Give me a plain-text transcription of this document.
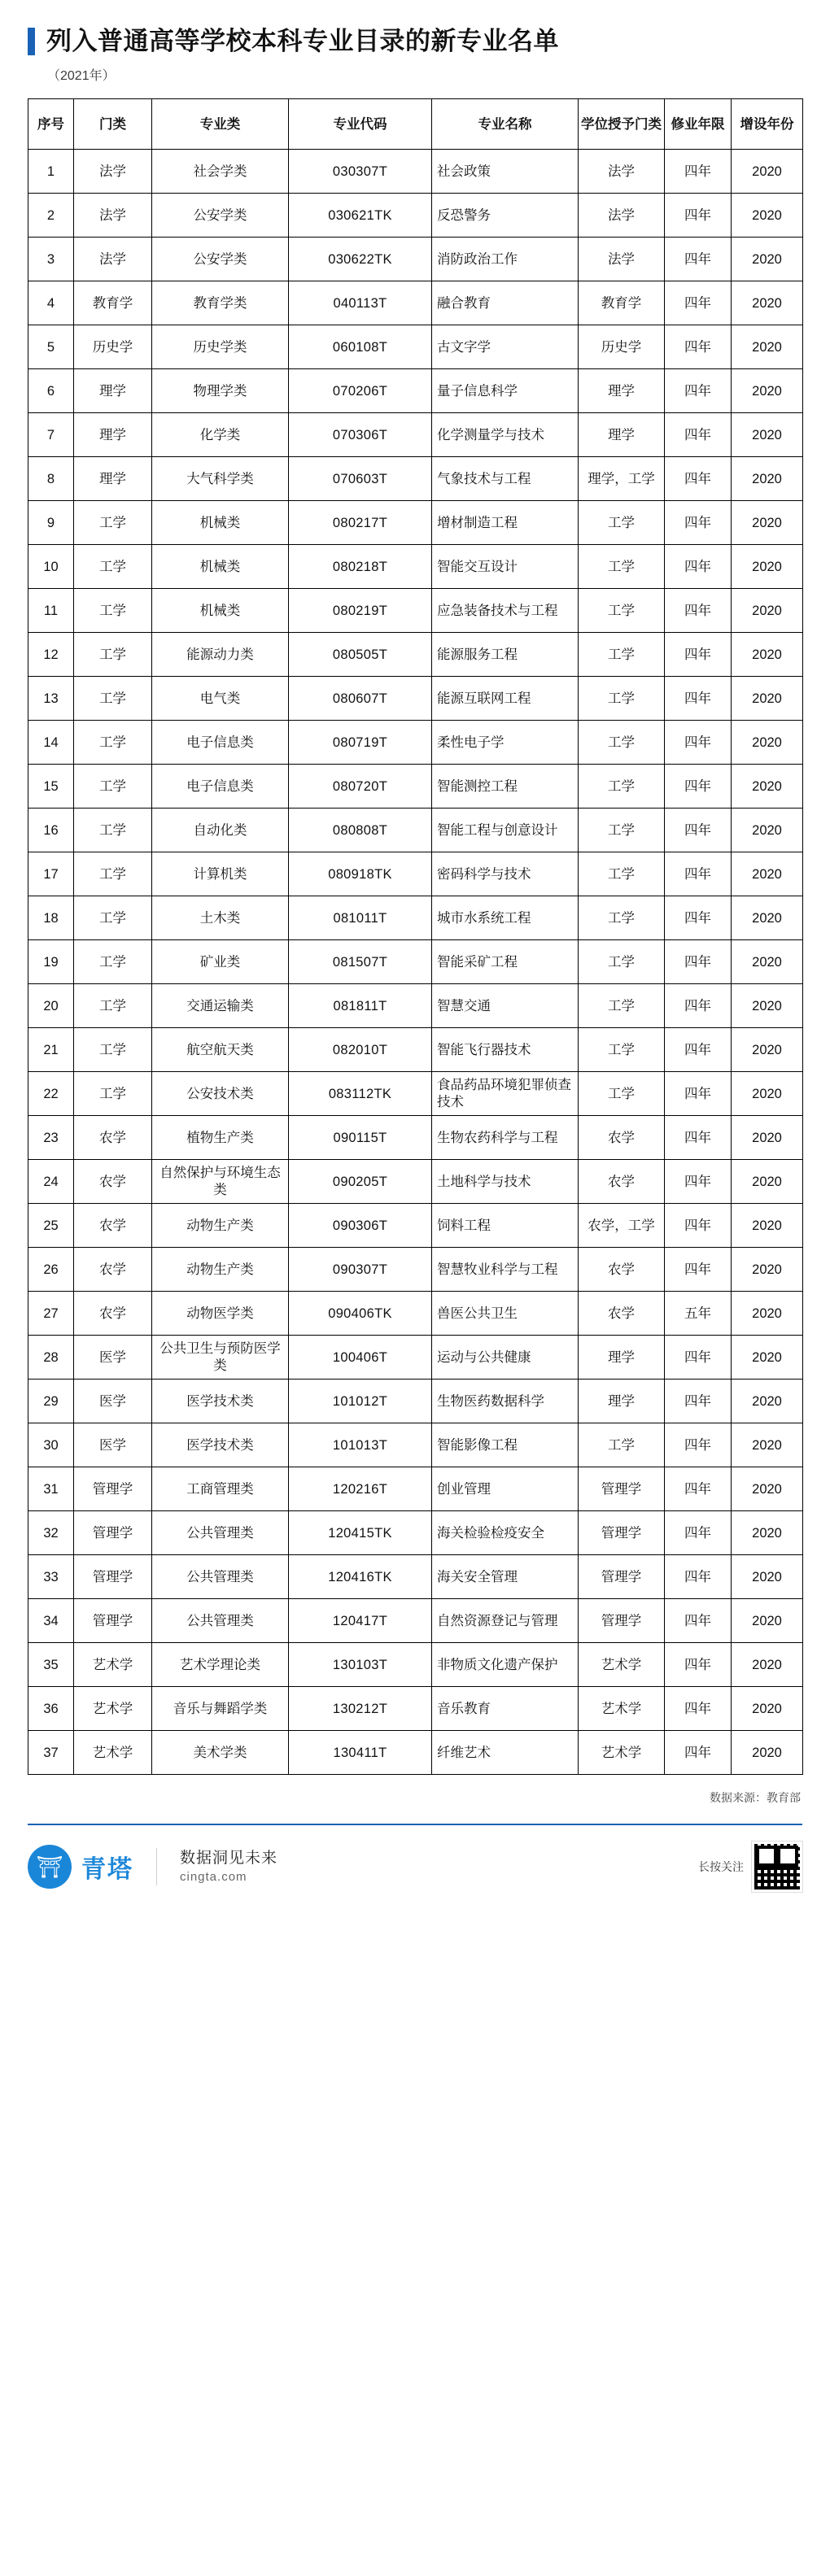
列入普通高等学校本科专业目录的新专业名单
（2021年）
序号	门类	专业类	专业代码	专业名称	学位授予门类	修业年限	增设年份
1	法学	社会学类	030307T	社会政策	法学	四年	2020
2	法学	公安学类	030621TK	反恐警务	法学	四年	2020
3	法学	公安学类	030622TK	消防政治工作	法学	四年	2020
4	教育学	教育学类	040113T	融合教育	教育学	四年	2020
5	历史学	历史学类	060108T	古文字学	历史学	四年	2020
6	理学	物理学类	070206T	量子信息科学	理学	四年	2020
7	理学	化学类	070306T	化学测量学与技术	理学	四年	2020
8	理学	大气科学类	070603T	气象技术与工程	理学，工学	四年	2020
9	工学	机械类	080217T	增材制造工程	工学	四年	2020
10	工学	机械类	080218T	智能交互设计	工学	四年	2020
11	工学	机械类	080219T	应急装备技术与工程	工学	四年	2020
12	工学	能源动力类	080505T	能源服务工程	工学	四年	2020
13	工学	电气类	080607T	能源互联网工程	工学	四年	2020
14	工学	电子信息类	080719T	柔性电子学	工学	四年	2020
15	工学	电子信息类	080720T	智能测控工程	工学	四年	2020
16	工学	自动化类	080808T	智能工程与创意设计	工学	四年	2020
17	工学	计算机类	080918TK	密码科学与技术	工学	四年	2020
18	工学	土木类	081011T	城市水系统工程	工学	四年	2020
19	工学	矿业类	081507T	智能采矿工程	工学	四年	2020
20	工学	交通运输类	081811T	智慧交通	工学	四年	2020
21	工学	航空航天类	082010T	智能飞行器技术	工学	四年	2020
22	工学	公安技术类	083112TK	食品药品环境犯罪侦查技术	工学	四年	2020
23	农学	植物生产类	090115T	生物农药科学与工程	农学	四年	2020
24	农学	自然保护与环境生态类	090205T	土地科学与技术	农学	四年	2020
25	农学	动物生产类	090306T	饲料工程	农学，工学	四年	2020
26	农学	动物生产类	090307T	智慧牧业科学与工程	农学	四年	2020
27	农学	动物医学类	090406TK	兽医公共卫生	农学	五年	2020
28	医学	公共卫生与预防医学类	100406T	运动与公共健康	理学	四年	2020
29	医学	医学技术类	101012T	生物医药数据科学	理学	四年	2020
30	医学	医学技术类	101013T	智能影像工程	工学	四年	2020
31	管理学	工商管理类	120216T	创业管理	管理学	四年	2020
32	管理学	公共管理类	120415TK	海关检验检疫安全	管理学	四年	2020
33	管理学	公共管理类	120416TK	海关安全管理	管理学	四年	2020
34	管理学	公共管理类	120417T	自然资源登记与管理	管理学	四年	2020
35	艺术学	艺术学理论类	130103T	非物质文化遗产保护	艺术学	四年	2020
36	艺术学	音乐与舞蹈学类	130212T	音乐教育	艺术学	四年	2020
37	艺术学	美术学类	130411T	纤维艺术	艺术学	四年	2020
数据来源：教育部
⛩ 青塔	数据洞见未来
cingta.com
长按关注
